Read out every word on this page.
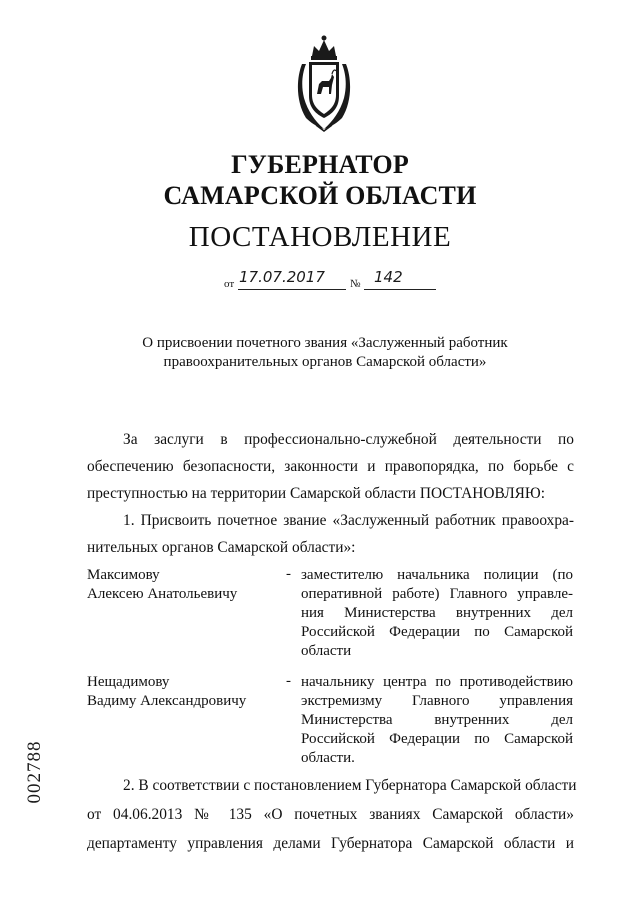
ГУБЕРНАТОР
САМАРСКОЙ ОБЛАСТИ
ПОСТАНОВЛЕНИЕ
от 17.07.2017 № 142
О присвоении почетного звания «Заслуженный работник
правоохранительных органов Самарской области»
За заслуги в профессионально-служебной деятельности по
обеспечению безопасности, законности и правопорядка, по борьбе с
преступностью на территории Самарской области ПОСТАНОВЛЯЮ:
1. Присвоить почетное звание «Заслуженный работник правоохра-
нительных органов Самарской области»:
Максимову
Алексею Анатольевичу
- заместителю начальника полиции (по
оперативной работе) Главного управле-
ния Министерства внутренних дел
Российской Федерации по Самарской
области
Нещадимову
Вадиму Александровичу
- начальнику центра по противодействию
экстремизму Главного управления
Министерства внутренних дел
Российской Федерации по Самарской
области.
2. В соответствии с постановлением Губернатора Самарской области
от 04.06.2013 № 135 «О почетных званиях Самарской области»
департаменту управления делами Губернатора Самарской области и
002788
